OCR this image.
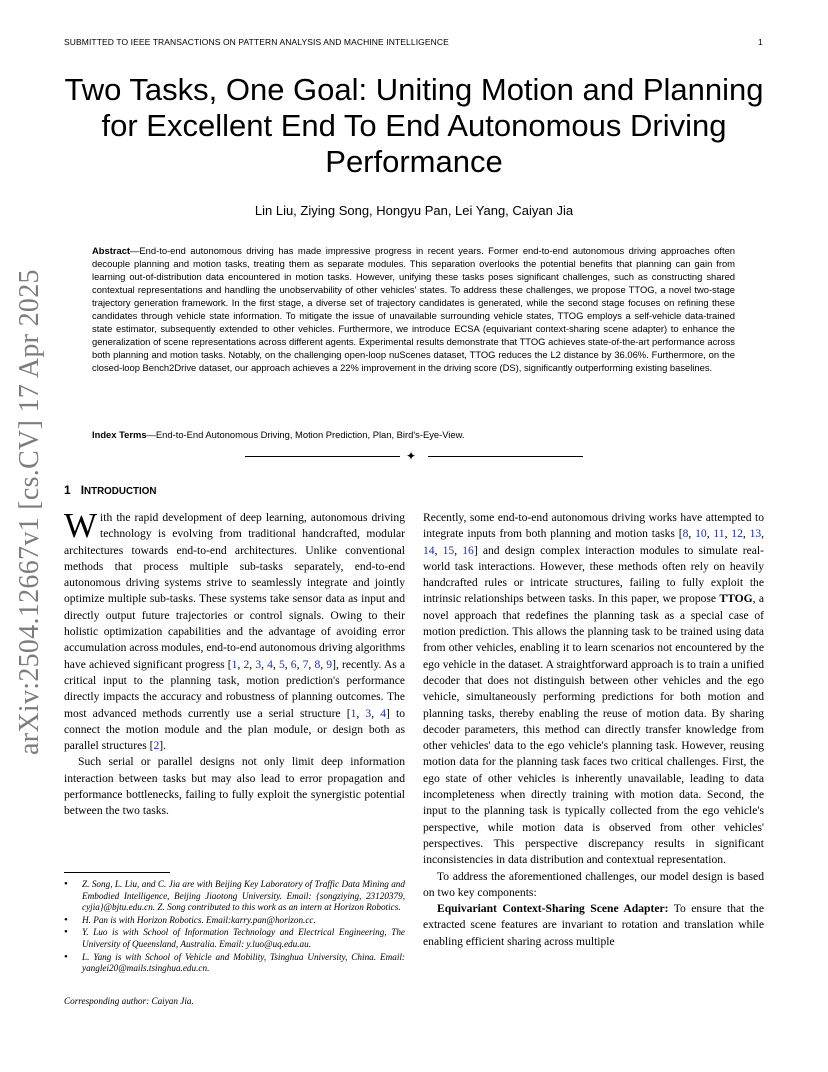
SUBMITTED TO IEEE TRANSACTIONS ON PATTERN ANALYSIS AND MACHINE INTELLIGENCE	1
arXiv:2504.12667v1 [cs.CV] 17 Apr 2025
Two Tasks, One Goal: Uniting Motion and Planning for Excellent End To End Autonomous Driving Performance
Lin Liu, Ziying Song, Hongyu Pan, Lei Yang, Caiyan Jia

Abstract—End-to-end autonomous driving has made impressive progress in recent years. Former end-to-end autonomous driving approaches often decouple planning and motion tasks, treating them as separate modules. This separation overlooks the potential benefits that planning can gain from learning out-of-distribution data encountered in motion tasks. However, unifying these tasks poses significant challenges, such as constructing shared contextual representations and handling the unobservability of other vehicles' states. To address these challenges, we propose TTOG, a novel two-stage trajectory generation framework. In the first stage, a diverse set of trajectory candidates is generated, while the second stage focuses on refining these candidates through vehicle state information. To mitigate the issue of unavailable surrounding vehicle states, TTOG employs a self-vehicle data-trained state estimator, subsequently extended to other vehicles. Furthermore, we introduce ECSA (equivariant context-sharing scene adapter) to enhance the generalization of scene representations across different agents. Experimental results demonstrate that TTOG achieves state-of-the-art performance across both planning and motion tasks. Notably, on the challenging open-loop nuScenes dataset, TTOG reduces the L2 distance by 36.06%. Furthermore, on the closed-loop Bench2Drive dataset, our approach achieves a 22% improvement in the driving score (DS), significantly outperforming existing baselines.

Index Terms—End-to-End Autonomous Driving, Motion Prediction, Plan, Bird's-Eye-View.

✦
1 INTRODUCTION

With the rapid development of deep learning, autonomous driving technology is evolving from traditional handcrafted, modular architectures towards end-to-end architectures. Unlike conventional methods that process multiple sub-tasks separately, end-to-end autonomous driving systems strive to seamlessly integrate and jointly optimize multiple sub-tasks. These systems take sensor data as input and directly output future trajectories or control signals. Owing to their holistic optimization capabilities and the advantage of avoiding error accumulation across modules, end-to-end autonomous driving algorithms have achieved significant progress [1, 2, 3, 4, 5, 6, 7, 8, 9], recently. As a critical input to the planning task, motion prediction's performance directly impacts the accuracy and robustness of planning outcomes. The most advanced methods currently use a serial structure [1, 3, 4] to connect the motion module and the plan module, or design both as parallel structures [2].

Such serial or parallel designs not only limit deep information interaction between tasks but may also lead to error propagation and performance bottlenecks, failing to fully exploit the synergistic potential between the two tasks.

Recently, some end-to-end autonomous driving works have attempted to integrate inputs from both planning and motion tasks [8, 10, 11, 12, 13, 14, 15, 16] and design complex interaction modules to simulate real-world task interactions. However, these methods often rely on heavily handcrafted rules or intricate structures, failing to fully exploit the intrinsic relationships between tasks. In this paper, we propose TTOG, a novel approach that redefines the planning task as a special case of motion prediction. This allows the planning task to be trained using data from other vehicles, enabling it to learn scenarios not encountered by the ego vehicle in the dataset. A straightforward approach is to train a unified decoder that does not distinguish between other vehicles and the ego vehicle, simultaneously performing predictions for both motion and planning tasks, thereby enabling the reuse of motion data. By sharing decoder parameters, this method can directly transfer knowledge from other vehicles' data to the ego vehicle's planning task. However, reusing motion data for the planning task faces two critical challenges. First, the ego state of other vehicles is inherently unavailable, leading to data incompleteness when directly training with motion data. Second, the input to the planning task is typically collected from the ego vehicle's perspective, while motion data is observed from other vehicles' perspectives. This perspective discrepancy results in significant inconsistencies in data distribution and contextual representation.

To address the aforementioned challenges, our model design is based on two key components:

Equivariant Context-Sharing Scene Adapter: To ensure that the extracted scene features are invariant to rotation and translation while enabling efficient sharing across multiple

• Z. Song, L. Liu, and C. Jia are with Beijing Key Laboratory of Traffic Data Mining and Embodied Intelligence, Beijing Jiaotong University. Email: {songziying, 23120379, cyjia}@bjtu.edu.cn. Z. Song contributed to this work as an intern at Horizon Robotics.
• H. Pan is with Horizon Robotics. Email:karry.pan@horizon.cc.
• Y. Luo is with School of Information Technology and Electrical Engineering, The University of Queensland, Australia. Email: y.luo@uq.edu.au.
• L. Yang is with School of Vehicle and Mobility, Tsinghua University, China. Email: yanglei20@mails.tsinghua.edu.cn.
Corresponding author: Caiyan Jia.
